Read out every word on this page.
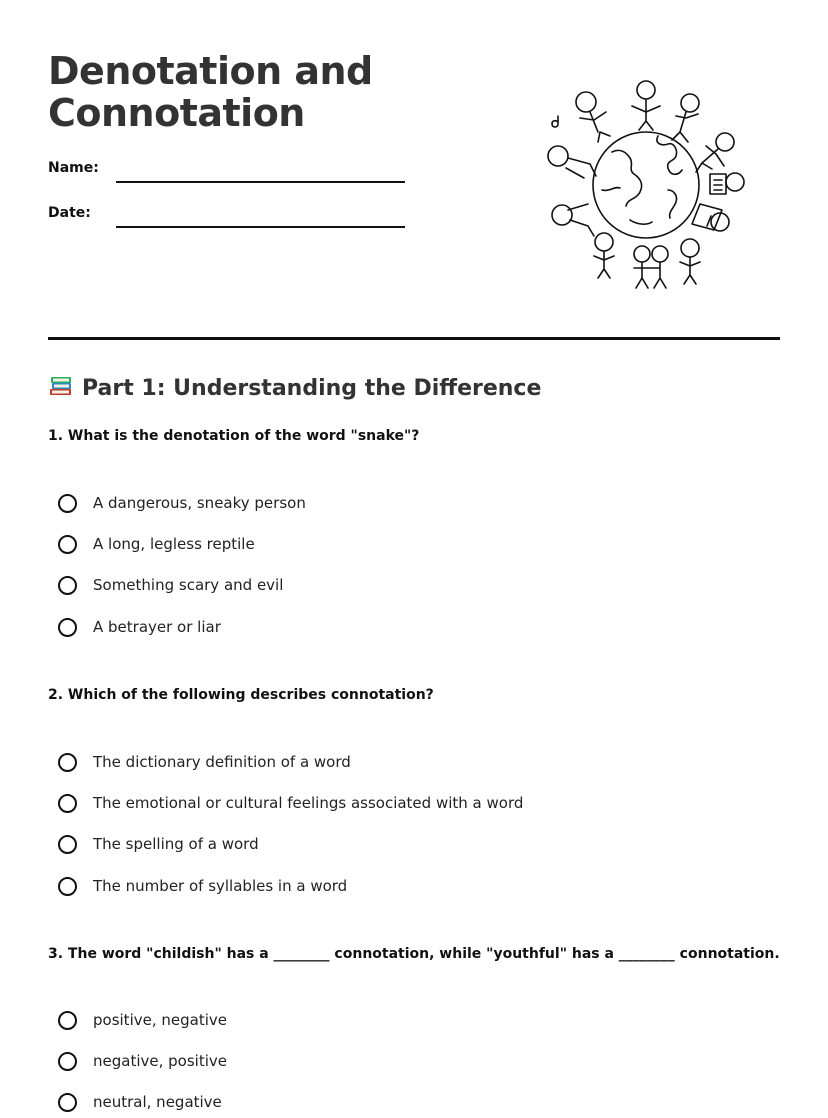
Denotation and
Connotation
Name:
Date:
Part 1: Understanding the Difference
1. What is the denotation of the word "snake"?
A dangerous, sneaky person
A long, legless reptile
Something scary and evil
A betrayer or liar
2. Which of the following describes connotation?
The dictionary definition of a word
The emotional or cultural feelings associated with a word
The spelling of a word
The number of syllables in a word
3. The word "childish" has a ________ connotation, while "youthful" has a ________ connotation.
positive, negative
negative, positive
neutral, negative
